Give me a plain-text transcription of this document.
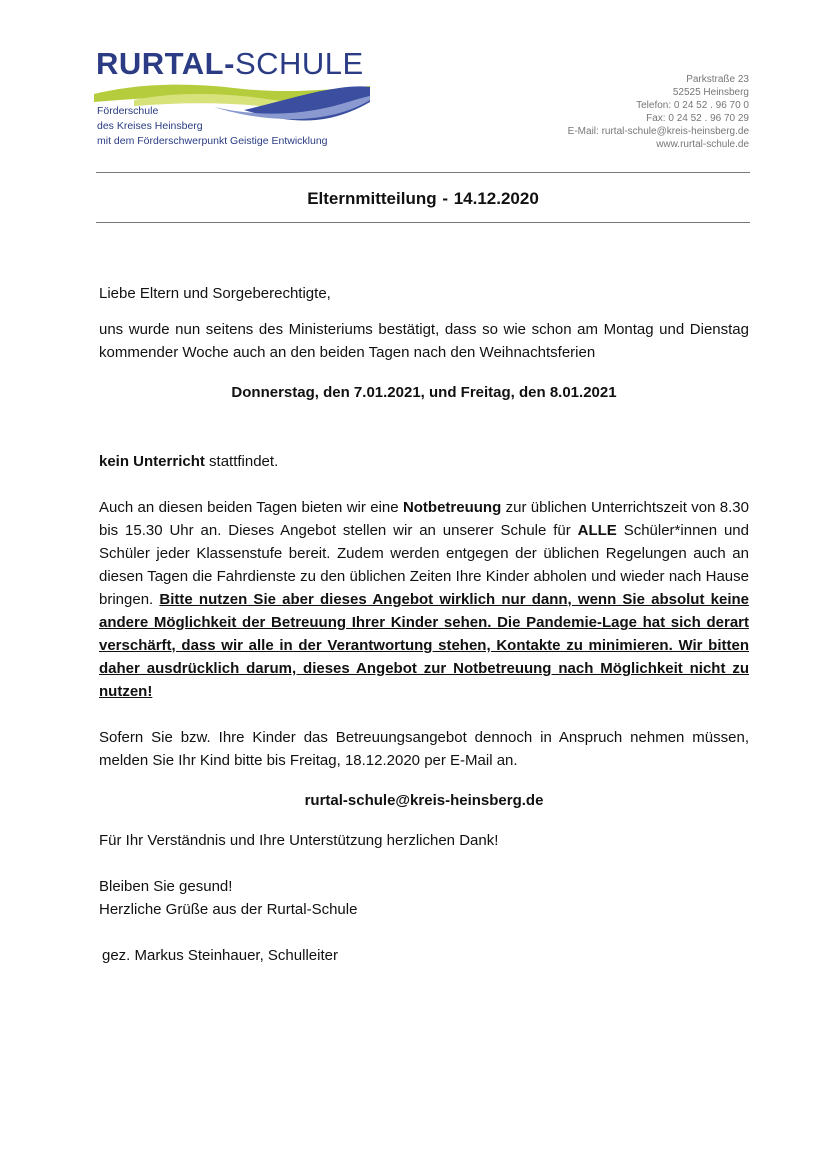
RURTAL-SCHULE
Förderschule
des Kreises Heinsberg
mit dem Förderschwerpunkt Geistige Entwicklung
Parkstraße 23
52525 Heinsberg
Telefon: 0 24 52 . 96 70 0
Fax: 0 24 52 . 96 70 29
E-Mail: rurtal-schule@kreis-heinsberg.de
www.rurtal-schule.de
Elternmitteilung - 14.12.2020

Liebe Eltern und Sorgeberechtigte,

uns wurde nun seitens des Ministeriums bestätigt, dass so wie schon am Montag und Dienstag kommender Woche auch an den beiden Tagen nach den Weihnachtsferien

Donnerstag, den 7.01.2021, und Freitag, den 8.01.2021

kein Unterricht stattfindet.

Auch an diesen beiden Tagen bieten wir eine Notbetreuung zur üblichen Unterrichtszeit von 8.30 bis 15.30 Uhr an. Dieses Angebot stellen wir an unserer Schule für ALLE Schüler*innen und Schüler jeder Klassenstufe bereit. Zudem werden entgegen der üblichen Regelungen auch an diesen Tagen die Fahrdienste zu den üblichen Zeiten Ihre Kinder abholen und wieder nach Hause bringen. Bitte nutzen Sie aber dieses Angebot wirklich nur dann, wenn Sie absolut keine andere Möglichkeit der Betreuung Ihrer Kinder sehen. Die Pandemie-Lage hat sich derart verschärft, dass wir alle in der Verantwortung stehen, Kontakte zu minimieren. Wir bitten daher ausdrücklich darum, dieses Angebot zur Notbetreuung nach Möglichkeit nicht zu nutzen!

Sofern Sie bzw. Ihre Kinder das Betreuungsangebot dennoch in Anspruch nehmen müssen, melden Sie Ihr Kind bitte bis Freitag, 18.12.2020 per E-Mail an.

rurtal-schule@kreis-heinsberg.de

Für Ihr Verständnis und Ihre Unterstützung herzlichen Dank!

Bleiben Sie gesund!

Herzliche Grüße aus der Rurtal-Schule

gez. Markus Steinhauer, Schulleiter
